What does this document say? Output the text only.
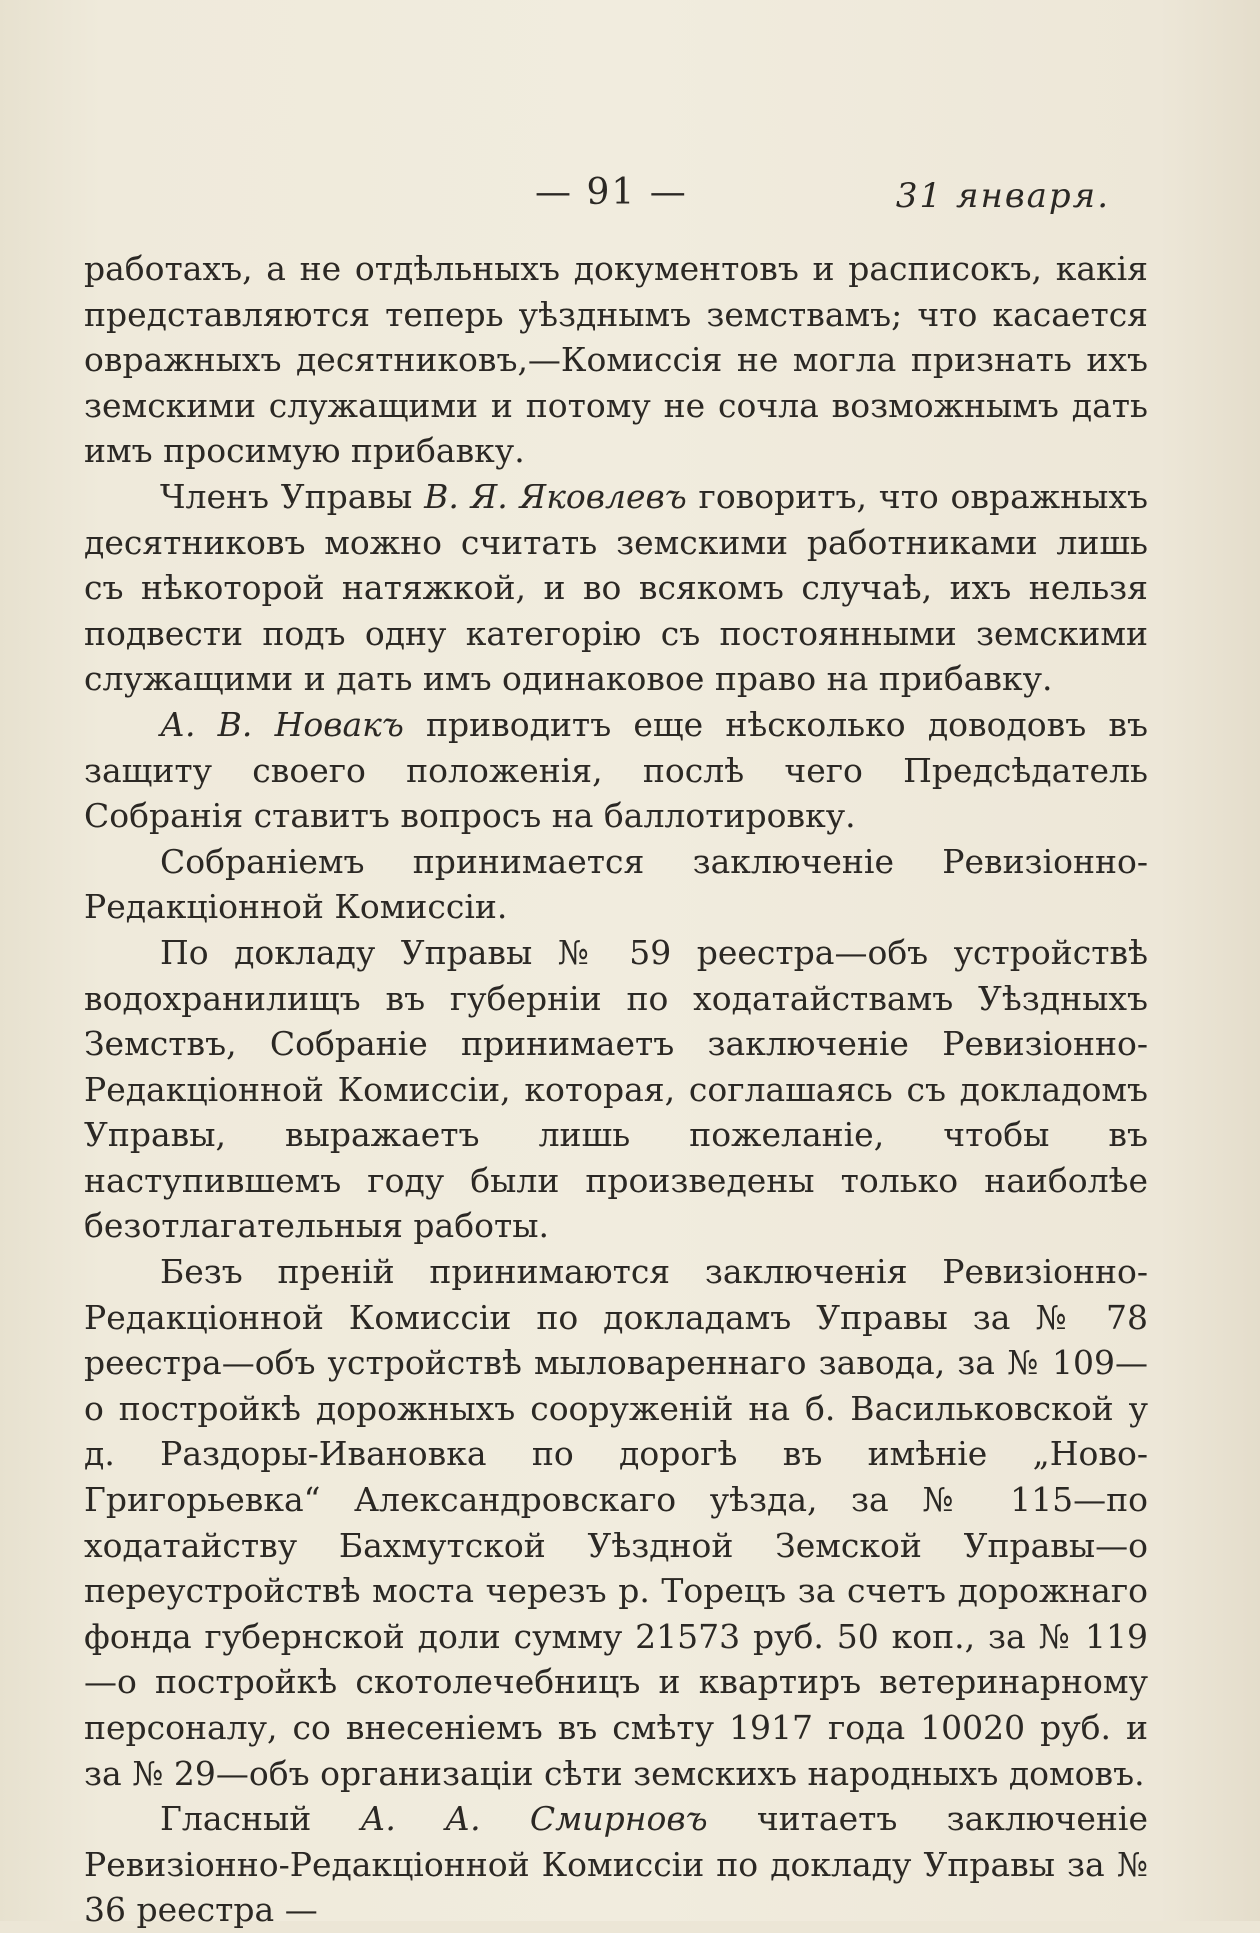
— 91 —	31 января.

работахъ, а не отдѣльныхъ документовъ и расписокъ, какія представляются теперь уѣзднымъ земствамъ; что касается овражныхъ десятниковъ,—Комиссія не могла признать ихъ земскими служащими и потому не сочла возможнымъ дать имъ просимую прибавку.

Членъ Управы В. Я. Яковлевъ говоритъ, что овражныхъ десятниковъ можно считать земскими работниками лишь съ нѣкоторой натяжкой, и во всякомъ случаѣ, ихъ нельзя подвести подъ одну категорію съ постоянными земскими служащими и дать имъ одинаковое право на прибавку.

А. В. Новакъ приводитъ еще нѣсколько доводовъ въ защиту своего положенія, послѣ чего Предсѣдатель Собранія ставитъ вопросъ на баллотировку.

Собраніемъ принимается заключеніе Ревизіонно-Редакціонной Комиссіи.

По докладу Управы № 59 реестра—объ устройствѣ водохранилищъ въ губерніи по ходатайствамъ Уѣздныхъ Земствъ, Собраніе принимаетъ заключеніе Ревизіонно-Редакціонной Комиссіи, которая, соглашаясь съ докладомъ Управы, выражаетъ лишь пожеланіе, чтобы въ наступившемъ году были произведены только наиболѣе безотлагательныя работы.

Безъ преній принимаются заключенія Ревизіонно-Редакціонной Комиссіи по докладамъ Управы за № 78 реестра—объ устройствѣ мыловареннаго завода, за № 109—о постройкѣ дорожныхъ сооруженій на б. Васильковской у д. Раздоры-Ивановка по дорогѣ въ имѣніе „Ново-Григорьевка“ Александровскаго уѣзда, за № 115—по ходатайству Бахмутской Уѣздной Земской Управы—о переустройствѣ моста черезъ р. Торецъ за счетъ дорожнаго фонда губернской доли сумму 21573 руб. 50 коп., за № 119—о постройкѣ скотолечебницъ и квартиръ ветеринарному персоналу, со внесеніемъ въ смѣту 1917 года 10020 руб. и за № 29—объ организаціи сѣти земскихъ народныхъ домовъ.

Гласный А. А. Смирновъ читаетъ заключеніе Ревизіонно-Редакціонной Комиссіи по докладу Управы за № 36 реестра —
